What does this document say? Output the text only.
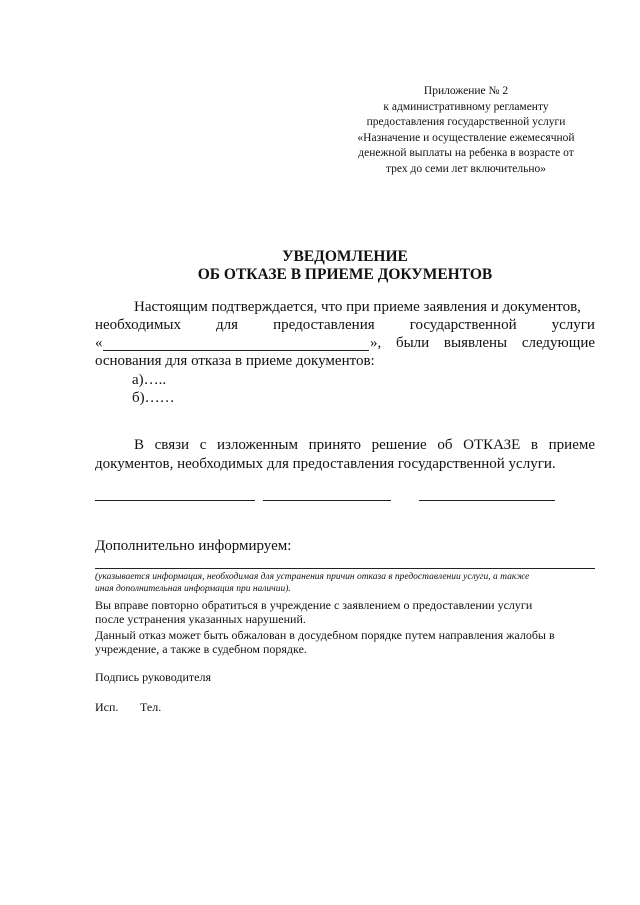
Приложение № 2
к административному регламенту
предоставления государственной услуги
«Назначение и осуществление ежемесячной
денежной выплаты на ребенка в возрасте от
трех до семи лет включительно»
УВЕДОМЛЕНИЕ
ОБ ОТКАЗЕ В ПРИЕМЕ ДОКУМЕНТОВ
Настоящим подтверждается, что при приеме заявления и документов,
необходимых для предоставления государственной услуги
«	», были выявлены следующие
основания для отказа в приеме документов:
а)…..
б)……
В связи с изложенным принято решение об ОТКАЗЕ в приеме
документов, необходимых для предоставления государственной услуги.
Дополнительно информируем:
(указывается информация, необходимая для устранения причин отказа в предоставлении услуги, а также
иная дополнительная информация при наличии).
Вы вправе повторно обратиться в учреждение с заявлением о предоставлении услуги
после устранения указанных нарушений.
Данный отказ может быть обжалован в досудебном порядке путем направления жалобы в
учреждение, а также в судебном порядке.
Подпись руководителя
Исп. Тел.
